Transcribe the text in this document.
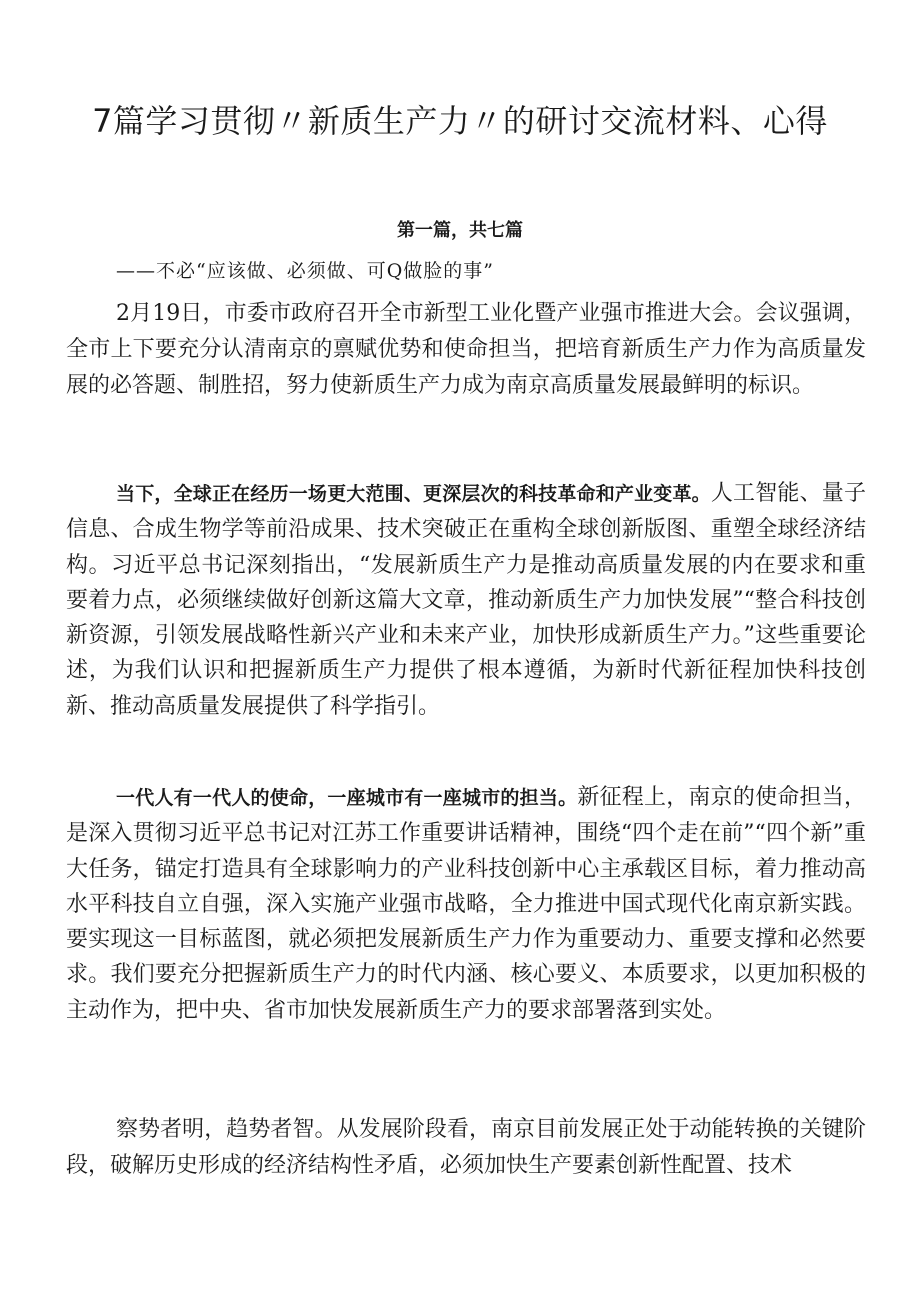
7篇学习贯彻〃新质生产力〃的研讨交流材料、心得
第一篇，共七篇
——不必“应该做、必须做、可Q做脸的事”

2月19日，市委市政府召开全市新型工业化暨产业强市推进大会。会议强调，全市上下要充分认清南京的禀赋优势和使命担当，把培育新质生产力作为高质量发展的必答题、制胜招，努力使新质生产力成为南京高质量发展最鲜明的标识。

当下，全球正在经历一场更大范围、更深层次的科技革命和产业变革。人工智能、量子信息、合成生物学等前沿成果、技术突破正在重构全球创新版图、重塑全球经济结构。习近平总书记深刻指出，“发展新质生产力是推动高质量发展的内在要求和重要着力点，必须继续做好创新这篇大文章，推动新质生产力加快发展”“整合科技创新资源，引领发展战略性新兴产业和未来产业，加快形成新质生产力。”这些重要论述，为我们认识和把握新质生产力提供了根本遵循，为新时代新征程加快科技创新、推动高质量发展提供了科学指引。

一代人有一代人的使命，一座城市有一座城市的担当。新征程上，南京的使命担当，是深入贯彻习近平总书记对江苏工作重要讲话精神，围绕“四个走在前”“四个新”重大任务，锚定打造具有全球影响力的产业科技创新中心主承载区目标，着力推动高水平科技自立自强，深入实施产业强市战略，全力推进中国式现代化南京新实践。要实现这一目标蓝图，就必须把发展新质生产力作为重要动力、重要支撑和必然要求。我们要充分把握新质生产力的时代内涵、核心要义、本质要求，以更加积极的主动作为，把中央、省市加快发展新质生产力的要求部署落到实处。

察势者明，趋势者智。从发展阶段看，南京目前发展正处于动能转换的关键阶段，破解历史形成的经济结构性矛盾，必须加快生产要素创新性配置、技术
